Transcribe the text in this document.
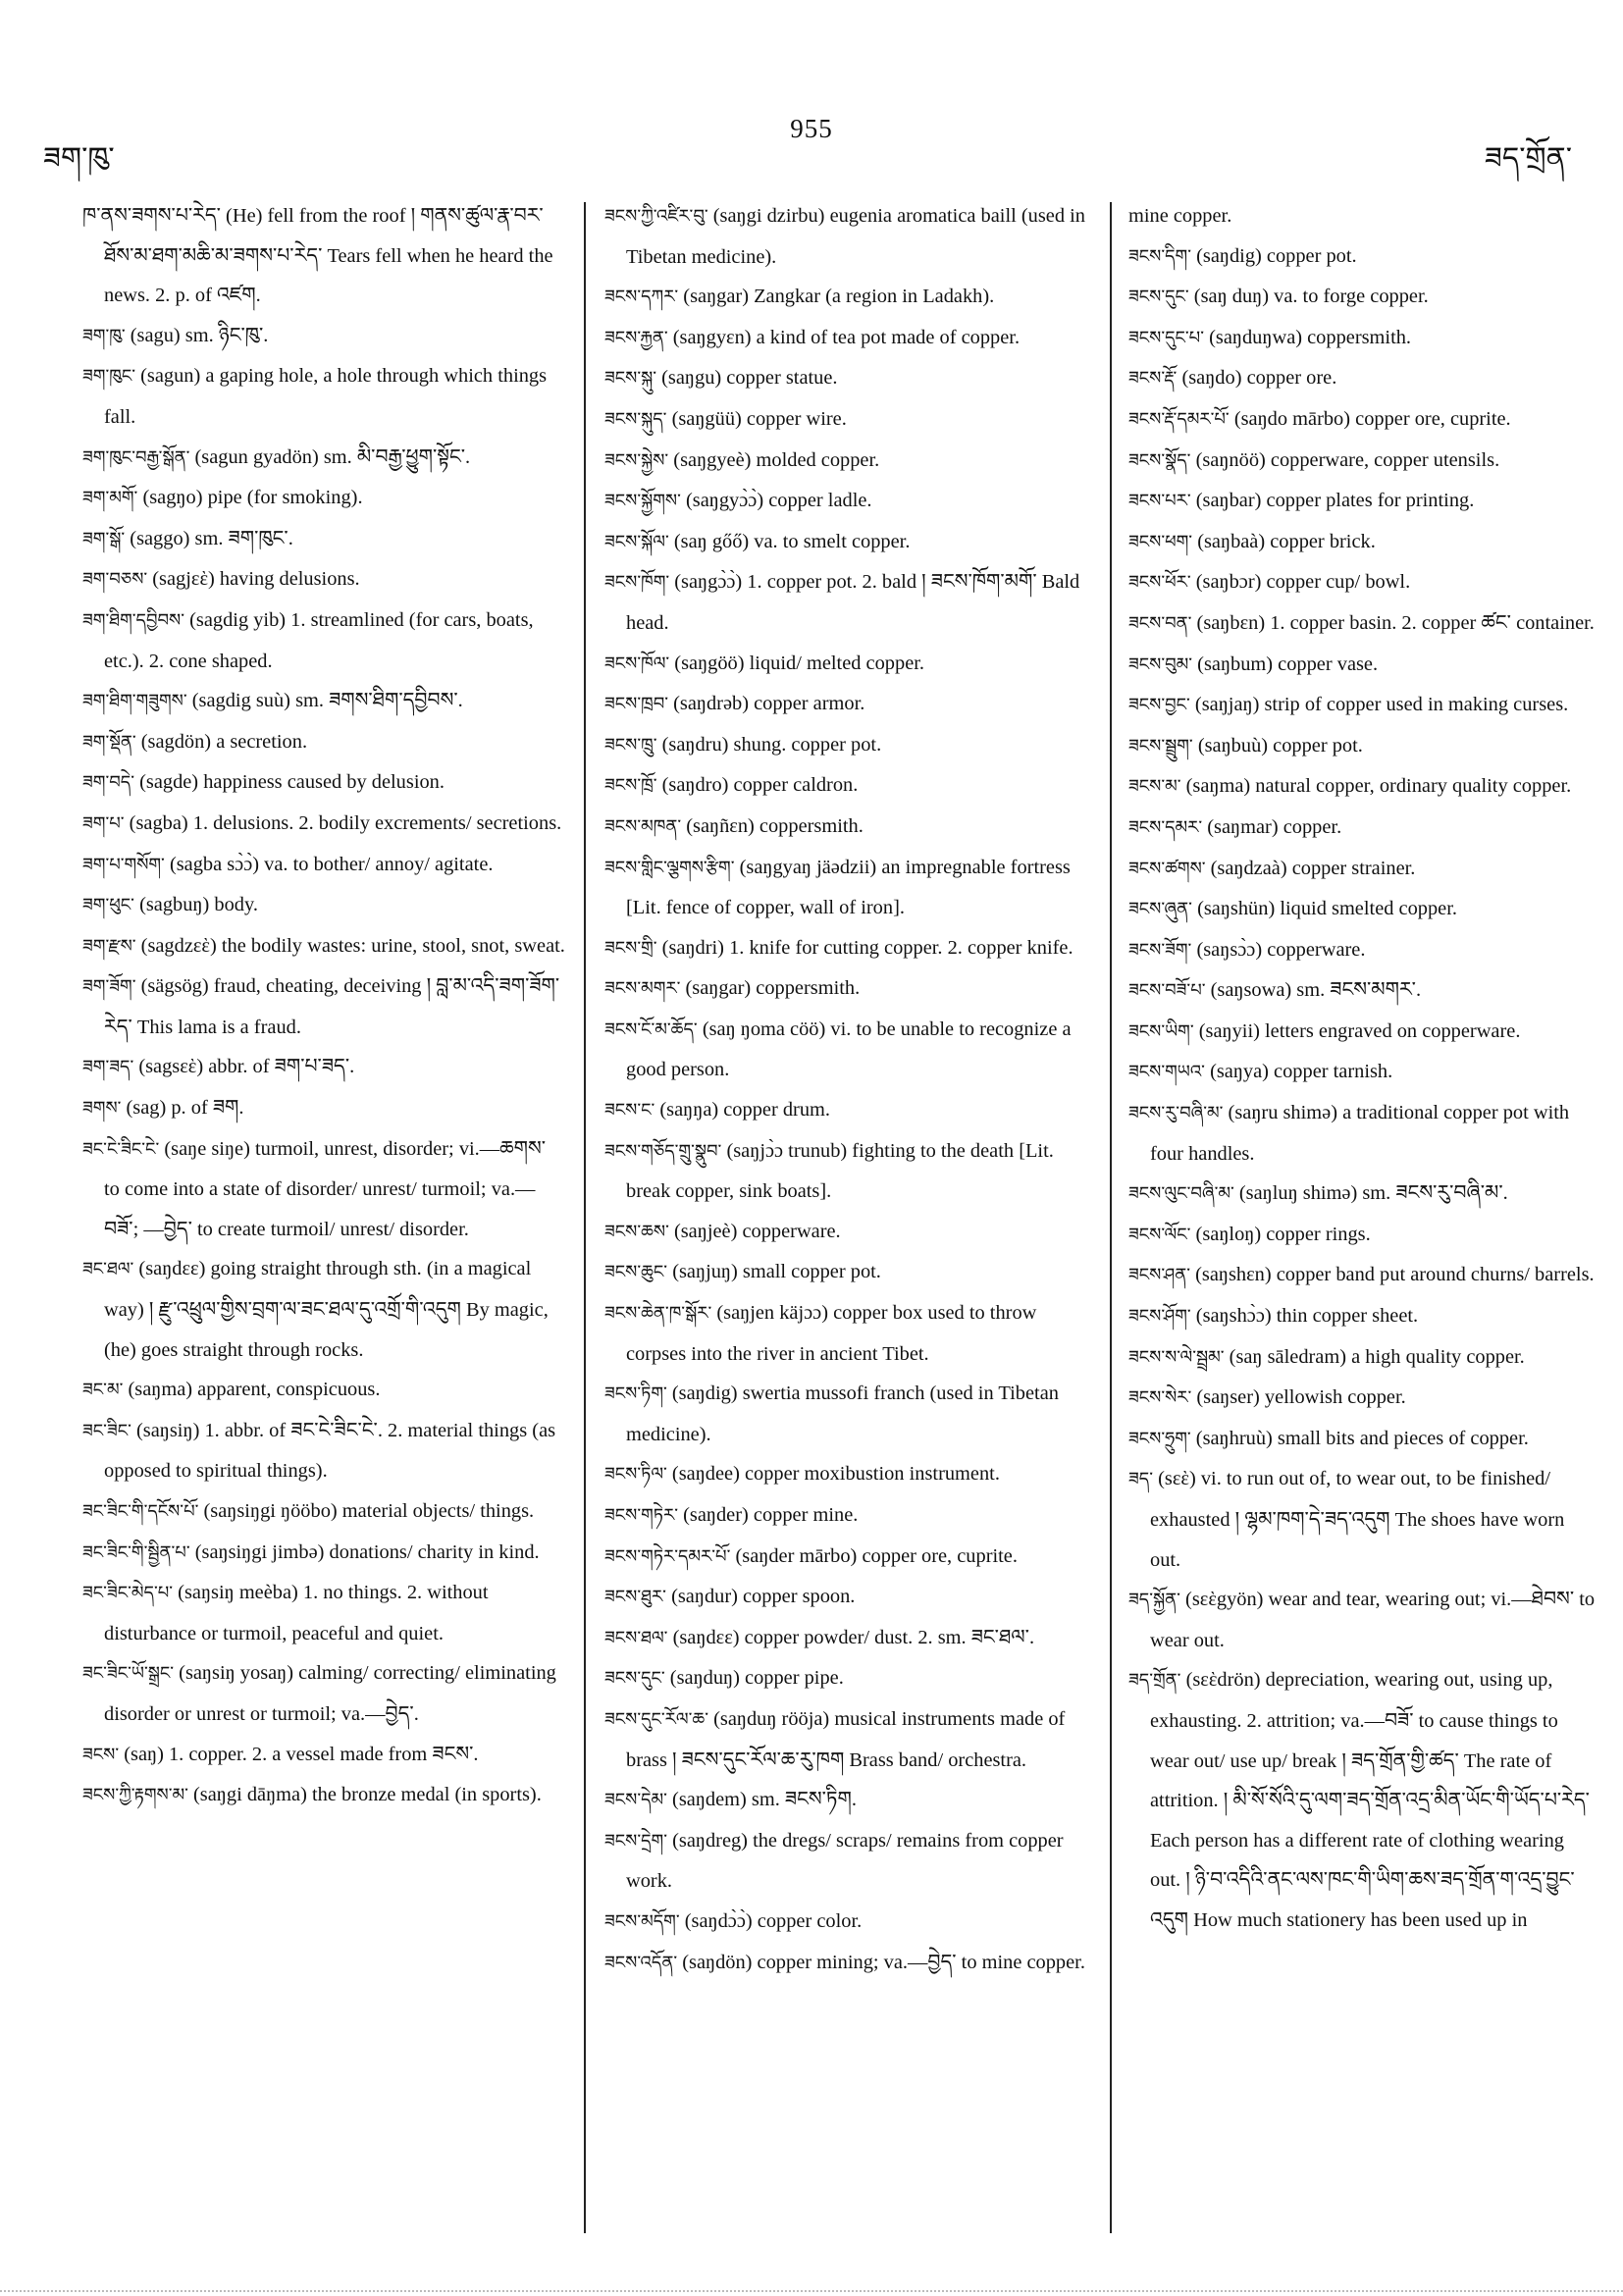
955
ཟག་ཁུ་	ཟད་གྲོན་

ཁ་ནས་ཟགས་པ་རེད་ (He) fell from the roof ། གནས་ཚུལ་རྣ་བར་ཐོས་མ་ཐག་མཆི་མ་ཟགས་པ་རེད་ Tears fell when he heard the news. 2. p. of འཛག.

ཟག་ཁུ་ (sagu) sm. ཉིང་ཁུ་.

ཟག་ཁུང་ (sagun) a gaping hole, a hole through which things fall.

ཟག་ཁུང་བརྒྱ་སྒོན་ (sagun gyadön) sm. མི་བརྒྱ་ཕྱུག་སྟོང་.

ཟག་མགོ་ (sagŋo) pipe (for smoking).

ཟག་སྒོ་ (saggo) sm. ཟག་ཁུང་.

ཟག་བཅས་ (sagjεὲ) having delusions.

ཟག་ཐིག་དབྱིབས་ (sagdig yib) 1. streamlined (for cars, boats, etc.). 2. cone shaped.

ཟག་ཐིག་གཟུགས་ (sagdig suù) sm. ཟགས་ཐིག་དབྱིབས་.

ཟག་སྡོན་ (sagdön) a secretion.

ཟག་བདེ་ (sagde) happiness caused by delusion.

ཟག་པ་ (sagba) 1. delusions. 2. bodily excrements/ secretions.

ཟག་པ་གསོག་ (sagba sɔ̀ɔ̀) va. to bother/ annoy/ agitate.

ཟག་ཕུང་ (sagbuŋ) body.

ཟག་རྫས་ (sagdzεὲ) the bodily wastes: urine, stool, snot, sweat.

ཟག་ཟོག་ (sägsög) fraud, cheating, deceiving ། བླ་མ་འདི་ཟག་ཟོག་རེད་ This lama is a fraud.

ཟག་ཟད་ (sagsεὲ) abbr. of ཟག་པ་ཟད་.

ཟགས་ (sag) p. of ཟག.

ཟང་ངེ་ཟིང་ངེ་ (saŋe siŋe) turmoil, unrest, disorder; vi.—ཆགས་ to come into a state of disorder/ unrest/ turmoil; va.—བཟོ་; —བྱེད་ to create turmoil/ unrest/ disorder.

ཟང་ཐལ་ (saŋdεε) going straight through sth. (in a magical way) ། རྫུ་འཕྲུལ་གྱིས་བྲག་ལ་ཟང་ཐལ་དུ་འགྲོ་གི་འདུག By magic, (he) goes straight through rocks.

ཟང་མ་ (saŋma) apparent, conspicuous.

ཟང་ཟིང་ (saŋsiŋ) 1. abbr. of ཟང་ངེ་ཟིང་ངེ་. 2. material things (as opposed to spiritual things).

ཟང་ཟིང་གི་དངོས་པོ་ (saŋsiŋgi ŋööbo) material objects/ things.

ཟང་ཟིང་གི་སྦྱིན་པ་ (saŋsiŋgi jimbə) donations/ charity in kind.

ཟང་ཟིང་མེད་པ་ (saŋsiŋ meèba) 1. no things. 2. without disturbance or turmoil, peaceful and quiet.

ཟང་ཟིང་ཡོ་སྒྲང་ (saŋsiŋ yosaŋ) calming/ correcting/ eliminating disorder or unrest or turmoil; va.—བྱེད་.

ཟངས་ (saŋ) 1. copper. 2. a vessel made from ཟངས་.

ཟངས་ཀྱི་རྟགས་མ་ (saŋgi dāŋma) the bronze medal (in sports).

ཟངས་ཀྱི་འཛིར་བུ་ (saŋgi dzirbu) eugenia aromatica baill (used in Tibetan medicine).

ཟངས་དཀར་ (saŋgar) Zangkar (a region in Ladakh).

ཟངས་རྐྱན་ (saŋgyεn) a kind of tea pot made of copper.

ཟངས་སྐུ་ (saŋgu) copper statue.

ཟངས་སྐུད་ (saŋgüü) copper wire.

ཟངས་སྐྱེས་ (saŋgyeè) molded copper.

ཟངས་སྐྱོགས་ (saŋgyɔ̀ɔ̀) copper ladle.

ཟངས་སྐོལ་ (saŋ gőő) va. to smelt copper.

ཟངས་ཁོག་ (saŋgɔ̀ɔ̀) 1. copper pot. 2. bald ། ཟངས་ཁོག་མགོ་ Bald head.

ཟངས་ཁོལ་ (saŋgöö) liquid/ melted copper.

ཟངས་ཁྲབ་ (saŋdrəb) copper armor.

ཟངས་ཁྲུ་ (saŋdru) shung. copper pot.

ཟངས་ཁྲོ་ (saŋdro) copper caldron.

ཟངས་མཁན་ (saŋñεn) coppersmith.

ཟངས་གླིང་ལྕགས་རྩིག་ (saŋgyaŋ jäədzii) an impregnable fortress [Lit. fence of copper, wall of iron].

ཟངས་གྲི་ (saŋdri) 1. knife for cutting copper. 2. copper knife.

ཟངས་མགར་ (saŋgar) coppersmith.

ཟངས་ངོ་མ་ཆོད་ (saŋ ŋoma cöö) vi. to be unable to recognize a good person.

ཟངས་ང་ (saŋŋa) copper drum.

ཟངས་གཅོད་གྲུ་སྣུབ་ (saŋjɔ̀ɔ trunub) fighting to the death [Lit. break copper, sink boats].

ཟངས་ཆས་ (saŋjeè) copperware.

ཟངས་ཆུང་ (saŋjuŋ) small copper pot.

ཟངས་ཆེན་ཁ་སྒོར་ (saŋjen käjɔɔ) copper box used to throw corpses into the river in ancient Tibet.

ཟངས་ཏིག་ (saŋdig) swertia mussofi franch (used in Tibetan medicine).

ཟངས་ཏིལ་ (saŋdee) copper moxibustion instrument.

ཟངས་གཏེར་ (saŋder) copper mine.

ཟངས་གཏེར་དམར་པོ་ (saŋder mārbo) copper ore, cuprite.

ཟངས་ཐུར་ (saŋdur) copper spoon.

ཟངས་ཐལ་ (saŋdεε) copper powder/ dust. 2. sm. ཟང་ཐལ་.

ཟངས་དུང་ (saŋduŋ) copper pipe.

ཟངས་དུང་རོལ་ཆ་ (saŋduŋ rööja) musical instruments made of brass ། ཟངས་དུང་རོལ་ཆ་རུ་ཁག Brass band/ orchestra.

ཟངས་དེམ་ (saŋdem) sm. ཟངས་ཏིག.

ཟངས་དྲེག་ (saŋdreg) the dregs/ scraps/ remains from copper work.

ཟངས་མདོག་ (saŋdɔ̀ɔ̀) copper color.

ཟངས་འདོན་ (saŋdön) copper mining; va.—བྱེད་ to mine copper.

mine copper.

ཟངས་དིག་ (saŋdig) copper pot.

ཟངས་དུང་ (saŋ duŋ) va. to forge copper.

ཟངས་དུང་པ་ (saŋduŋwa) coppersmith.

ཟངས་རྡོ་ (saŋdo) copper ore.

ཟངས་རྡོ་དམར་པོ་ (saŋdo mārbo) copper ore, cuprite.

ཟངས་སྣོད་ (saŋnöö) copperware, copper utensils.

ཟངས་པར་ (saŋbar) copper plates for printing.

ཟངས་ཕག་ (saŋbaà) copper brick.

ཟངས་ཕོར་ (saŋbɔr) copper cup/ bowl.

ཟངས་བན་ (saŋbεn) 1. copper basin. 2. copper ཚང་ container.

ཟངས་བུམ་ (saŋbum) copper vase.

ཟངས་བྱང་ (saŋjaŋ) strip of copper used in making curses.

ཟངས་སྦྲུག་ (saŋbuù) copper pot.

ཟངས་མ་ (saŋma) natural copper, ordinary quality copper.

ཟངས་དམར་ (saŋmar) copper.

ཟངས་ཚགས་ (saŋdzaà) copper strainer.

ཟངས་ཞུན་ (saŋshün) liquid smelted copper.

ཟངས་ཟོག་ (saŋsɔ̀ɔ) copperware.

ཟངས་བཟོ་པ་ (saŋsowa) sm. ཟངས་མགར་.

ཟངས་ཡིག་ (saŋyii) letters engraved on copperware.

ཟངས་གཡའ་ (saŋya) copper tarnish.

ཟངས་རུ་བཞི་མ་ (saŋru shimə) a traditional copper pot with four handles.

ཟངས་ལུང་བཞི་མ་ (saŋluŋ shimə) sm. ཟངས་རུ་བཞི་མ་.

ཟངས་ལོང་ (saŋloŋ) copper rings.

ཟངས་ཤན་ (saŋshεn) copper band put around churns/ barrels.

ཟངས་ཤོག་ (saŋshɔ̀ɔ) thin copper sheet.

ཟངས་ས་ལེ་སྦྲམ་ (saŋ sāledram) a high quality copper.

ཟངས་སེར་ (saŋser) yellowish copper.

ཟངས་ཧྲུག་ (saŋhruù) small bits and pieces of copper.

ཟད་ (sεὲ) vi. to run out of, to wear out, to be finished/ exhausted ། ལྷམ་ཁག་དེ་ཟད་འདུག The shoes have worn out.

ཟད་སྐྱོན་ (sεὲgyön) wear and tear, wearing out; vi.—ཐེབས་ to wear out.

ཟད་གྲོན་ (sεὲdrön) depreciation, wearing out, using up, exhausting. 2. attrition; va.—བཟོ་ to cause things to wear out/ use up/ break ། ཟད་གྲོན་གྱི་ཚད་ The rate of attrition. ། མི་སོ་སོའི་དུ་ལག་ཟད་གྲོན་འདྲ་མིན་ཡོང་གི་ཡོད་པ་རེད་ Each person has a different rate of clothing wearing out. ། ཉི་བ་འདིའི་ནང་ལས་ཁང་གི་ཡིག་ཆས་ཟད་གྲོན་ག་འདྲ་བྱུང་འདུག How much stationery has been used up in
